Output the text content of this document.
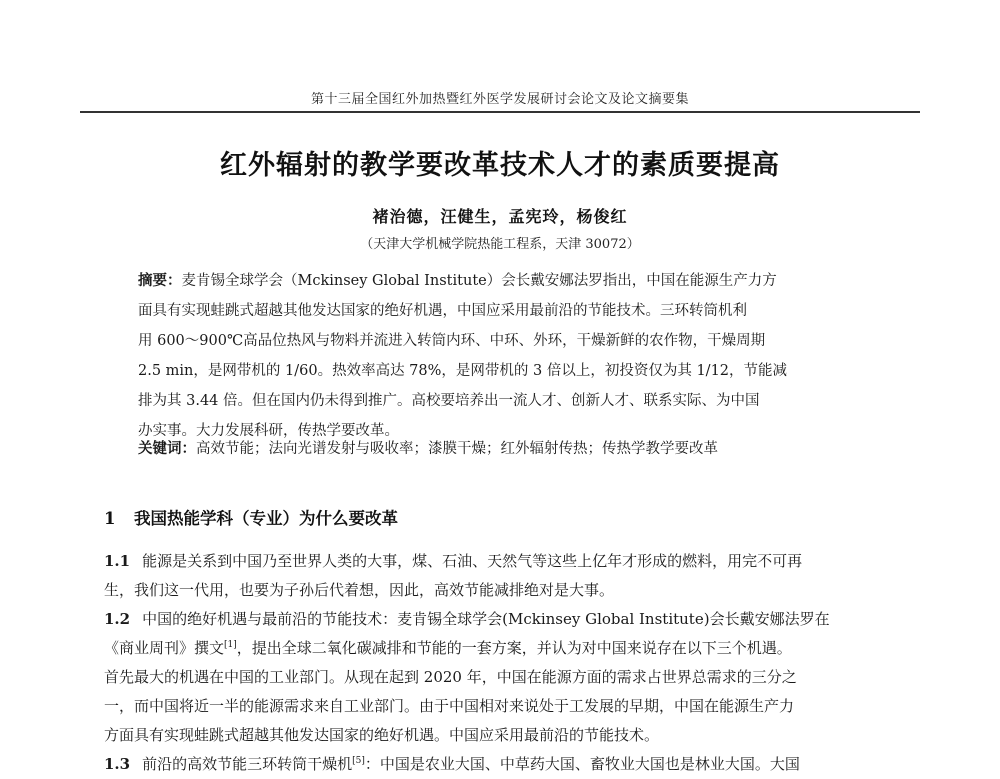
第十三届全国红外加热暨红外医学发展研讨会论文及论文摘要集
红外辐射的教学要改革技术人才的素质要提高
褚治德，汪健生，孟宪玲，杨俊红
（天津大学机械学院热能工程系，天津 30072）
摘要：麦肯锡全球学会（Mckinsey Global Institute）会长戴安娜法罗指出，中国在能源生产力方
面具有实现蛙跳式超越其他发达国家的绝好机遇，中国应采用最前沿的节能技术。三环转筒机利
用 600～900℃高品位热风与物料并流进入转筒内环、中环、外环，干燥新鲜的农作物，干燥周期
2.5 min，是网带机的 1/60。热效率高达 78%，是网带机的 3 倍以上，初投资仅为其 1/12，节能减
排为其 3.44 倍。但在国内仍未得到推广。高校要培养出一流人才、创新人才、联系实际、为中国
办实事。大力发展科研，传热学要改革。
关键词：高效节能；法向光谱发射与吸收率；漆膜干燥；红外辐射传热；传热学教学要改革
1 我国热能学科（专业）为什么要改革
1.1 能源是关系到中国乃至世界人类的大事，煤、石油、天然气等这些上亿年才形成的燃料，用完不可再
生，我们这一代用，也要为子孙后代着想，因此，高效节能减排绝对是大事。
1.2 中国的绝好机遇与最前沿的节能技术：麦肯锡全球学会(Mckinsey Global Institute)会长戴安娜法罗在
《商业周刊》撰文[1]，提出全球二氧化碳减排和节能的一套方案，并认为对中国来说存在以下三个机遇。
首先最大的机遇在中国的工业部门。从现在起到 2020 年，中国在能源方面的需求占世界总需求的三分之
一，而中国将近一半的能源需求来自工业部门。由于中国相对来说处于工发展的早期，中国在能源生产力
方面具有实现蛙跳式超越其他发达国家的绝好机遇。中国应采用最前沿的节能技术。
1.3 前沿的高效节能三环转筒干燥机[5]：中国是农业大国、中草药大国、畜牧业大国也是林业大国。大国
